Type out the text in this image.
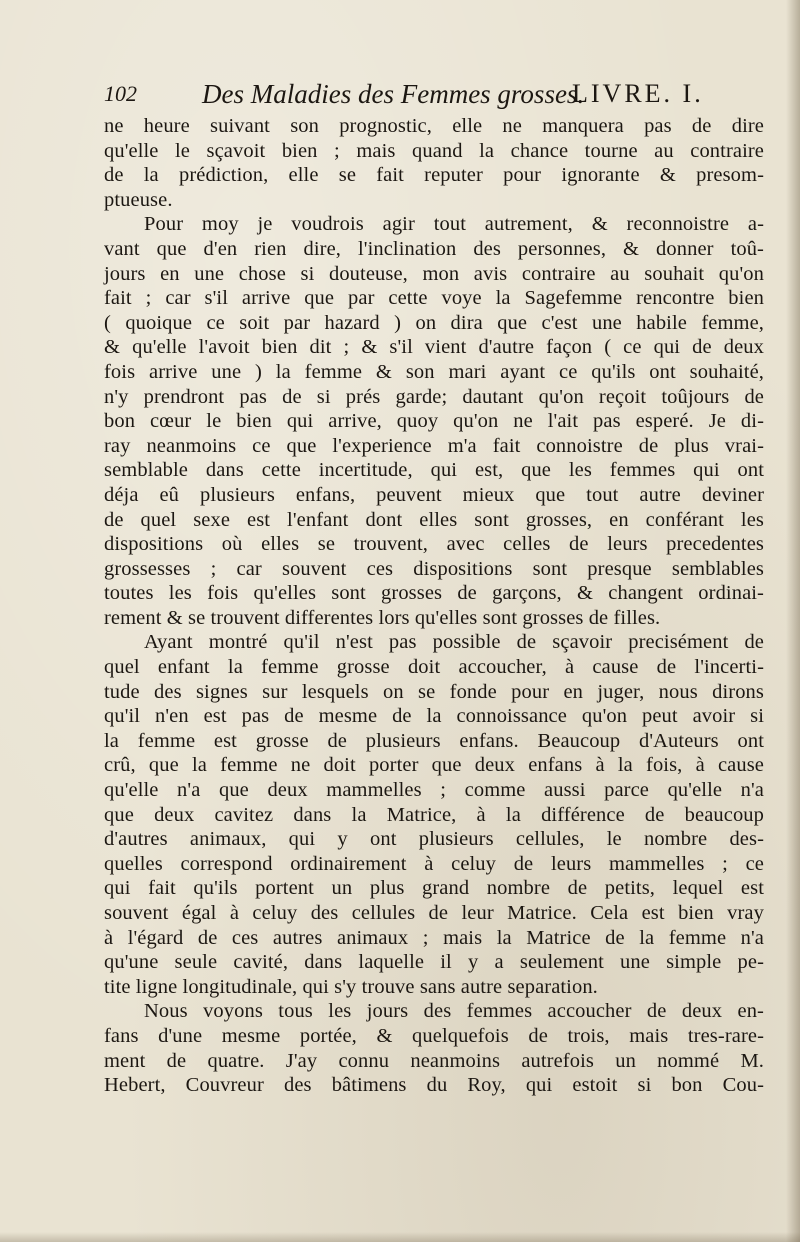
102 Des Maladies des Femmes grosses.
LIVRE. I.
ne heure suivant son prognostic, elle ne manquera pas de dire
qu'elle le sçavoit bien ; mais quand la chance tourne au contraire
de la prédiction, elle se fait reputer pour ignorante & presom-
ptueuse.
Pour moy je voudrois agir tout autrement, & reconnoistre a-
vant que d'en rien dire, l'inclination des personnes, & donner toû-
jours en une chose si douteuse, mon avis contraire au souhait qu'on
fait ; car s'il arrive que par cette voye la Sagefemme rencontre bien
( quoique ce soit par hazard ) on dira que c'est une habile femme,
& qu'elle l'avoit bien dit ; & s'il vient d'autre façon ( ce qui de deux
fois arrive une ) la femme & son mari ayant ce qu'ils ont souhaité,
n'y prendront pas de si prés garde; dautant qu'on reçoit toûjours de
bon cœur le bien qui arrive, quoy qu'on ne l'ait pas esperé. Je di-
ray neanmoins ce que l'experience m'a fait connoistre de plus vrai-
semblable dans cette incertitude, qui est, que les femmes qui ont
déja eû plusieurs enfans, peuvent mieux que tout autre deviner
de quel sexe est l'enfant dont elles sont grosses, en conférant les
dispositions où elles se trouvent, avec celles de leurs precedentes
grossesses ; car souvent ces dispositions sont presque semblables
toutes les fois qu'elles sont grosses de garçons, & changent ordinai-
rement & se trouvent differentes lors qu'elles sont grosses de filles.
Ayant montré qu'il n'est pas possible de sçavoir precisément de
quel enfant la femme grosse doit accoucher, à cause de l'incerti-
tude des signes sur lesquels on se fonde pour en juger, nous dirons
qu'il n'en est pas de mesme de la connoissance qu'on peut avoir si
la femme est grosse de plusieurs enfans. Beaucoup d'Auteurs ont
crû, que la femme ne doit porter que deux enfans à la fois, à cause
qu'elle n'a que deux mammelles ; comme aussi parce qu'elle n'a
que deux cavitez dans la Matrice, à la différence de beaucoup
d'autres animaux, qui y ont plusieurs cellules, le nombre des-
quelles correspond ordinairement à celuy de leurs mammelles ; ce
qui fait qu'ils portent un plus grand nombre de petits, lequel est
souvent égal à celuy des cellules de leur Matrice. Cela est bien vray
à l'égard de ces autres animaux ; mais la Matrice de la femme n'a
qu'une seule cavité, dans laquelle il y a seulement une simple pe-
tite ligne longitudinale, qui s'y trouve sans autre separation.
Nous voyons tous les jours des femmes accoucher de deux en-
fans d'une mesme portée, & quelquefois de trois, mais tres-rare-
ment de quatre. J'ay connu neanmoins autrefois un nommé M.
Hebert, Couvreur des bâtimens du Roy, qui estoit si bon Cou-
